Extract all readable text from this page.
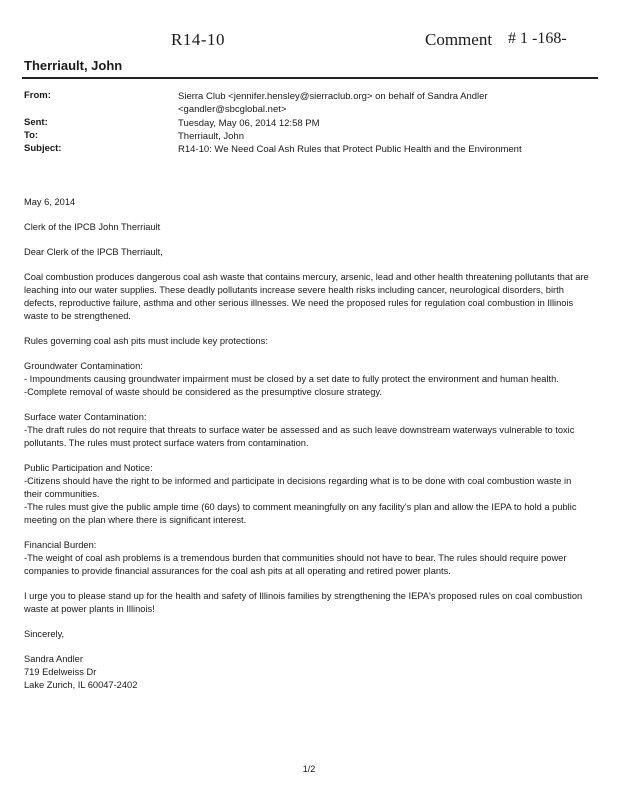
R14-10	Comment # 1 -168-
Therriault, John
From:	Sierra Club <jennifer.hensley@sierraclub.org> on behalf of Sandra Andler <gandler@sbcglobal.net>
Sent:	Tuesday, May 06, 2014 12:58 PM
To:	Therriault, John
Subject:	R14-10: We Need Coal Ash Rules that Protect Public Health and the Environment

May 6, 2014

Clerk of the IPCB John Therriault

Dear Clerk of the IPCB Therriault,

Coal combustion produces dangerous coal ash waste that contains mercury, arsenic, lead and other health threatening pollutants that are leaching into our water supplies. These deadly pollutants increase severe health risks including cancer, neurological disorders, birth defects, reproductive failure, asthma and other serious illnesses. We need the proposed rules for regulation coal combustion in Illinois waste to be strengthened.

Rules governing coal ash pits must include key protections:

Groundwater Contamination:
- Impoundments causing groundwater impairment must be closed by a set date to fully protect the environment and human health.
-Complete removal of waste should be considered as the presumptive closure strategy.

Surface water Contamination:
-The draft rules do not require that threats to surface water be assessed and as such leave downstream waterways vulnerable to toxic pollutants. The rules must protect surface waters from contamination.

Public Participation and Notice:
-Citizens should have the right to be informed and participate in decisions regarding what is to be done with coal combustion waste in their communities.
-The rules must give the public ample time (60 days) to comment meaningfully on any facility's plan and allow the IEPA to hold a public meeting on the plan where there is significant interest.

Financial Burden:
-The weight of coal ash problems is a tremendous burden that communities should not have to bear. The rules should require power companies to provide financial assurances for the coal ash pits at all operating and retired power plants.

I urge you to please stand up for the health and safety of Illinois families by strengthening the IEPA's proposed rules on coal combustion waste at power plants in Illinois!

Sincerely,

Sandra Andler

719 Edelweiss Dr

Lake Zurich, IL 60047-2402

1/2
